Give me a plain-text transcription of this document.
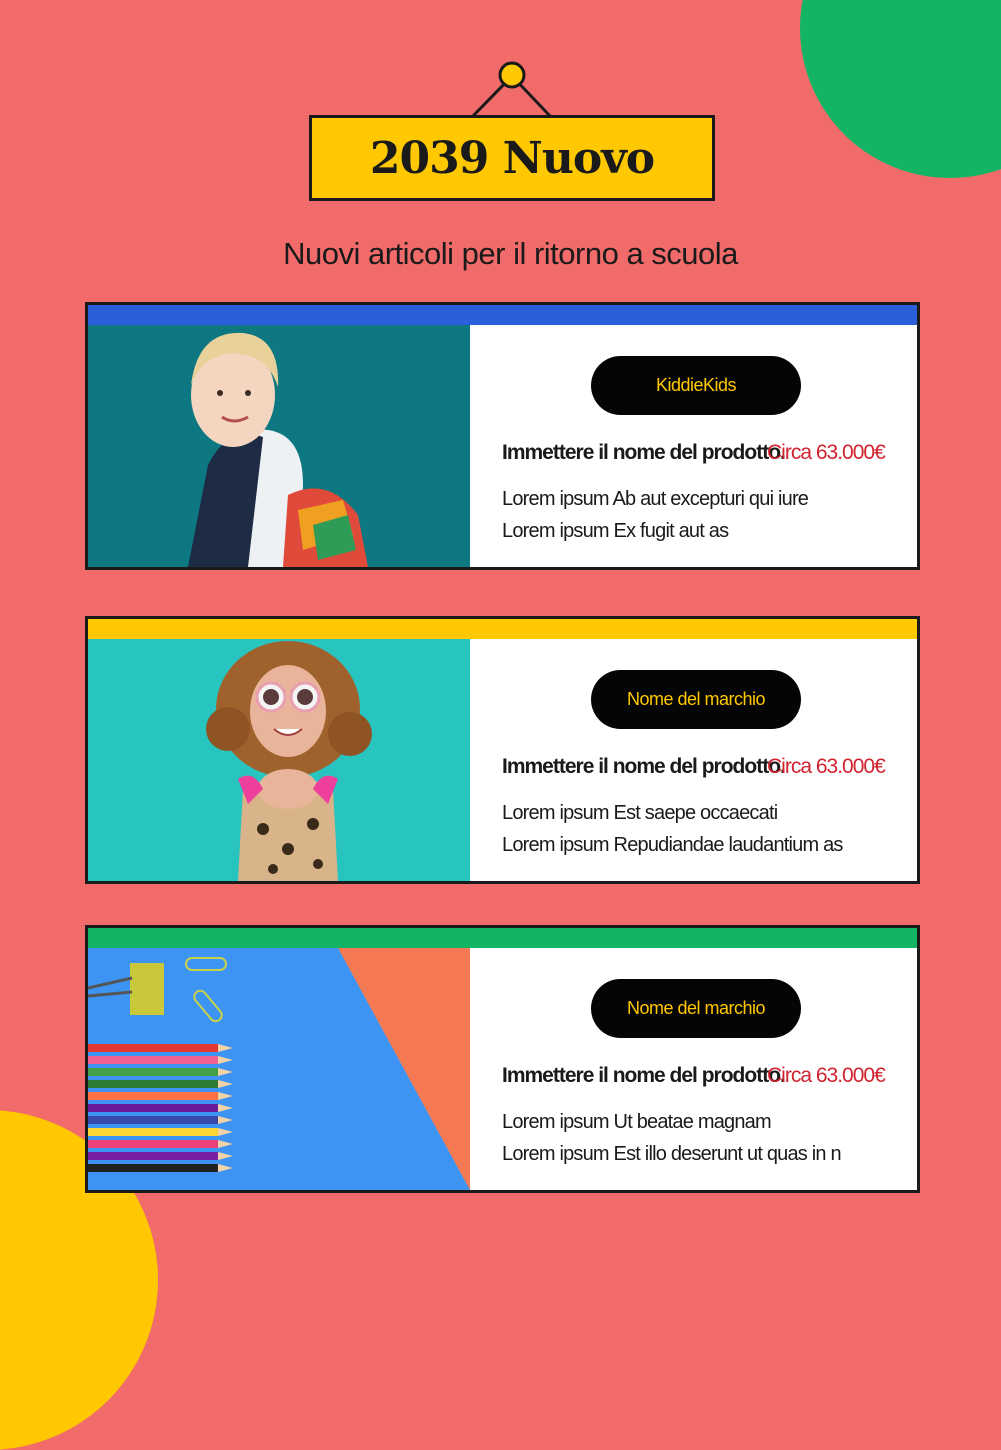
2039 Nuovo
Nuovi articoli per il ritorno a scuola
KiddieKids
Immettere il nome del prodotto.
Circa 63.000€
Lorem ipsum Ab aut excepturi qui iure
Lorem ipsum Ex fugit aut as
Nome del marchio
Immettere il nome del prodotto.
Circa 63.000€
Lorem ipsum Est saepe occaecati
Lorem ipsum Repudiandae laudantium as
Nome del marchio
Immettere il nome del prodotto.
Circa 63.000€
Lorem ipsum Ut beatae magnam
Lorem ipsum Est illo deserunt ut quas in n
